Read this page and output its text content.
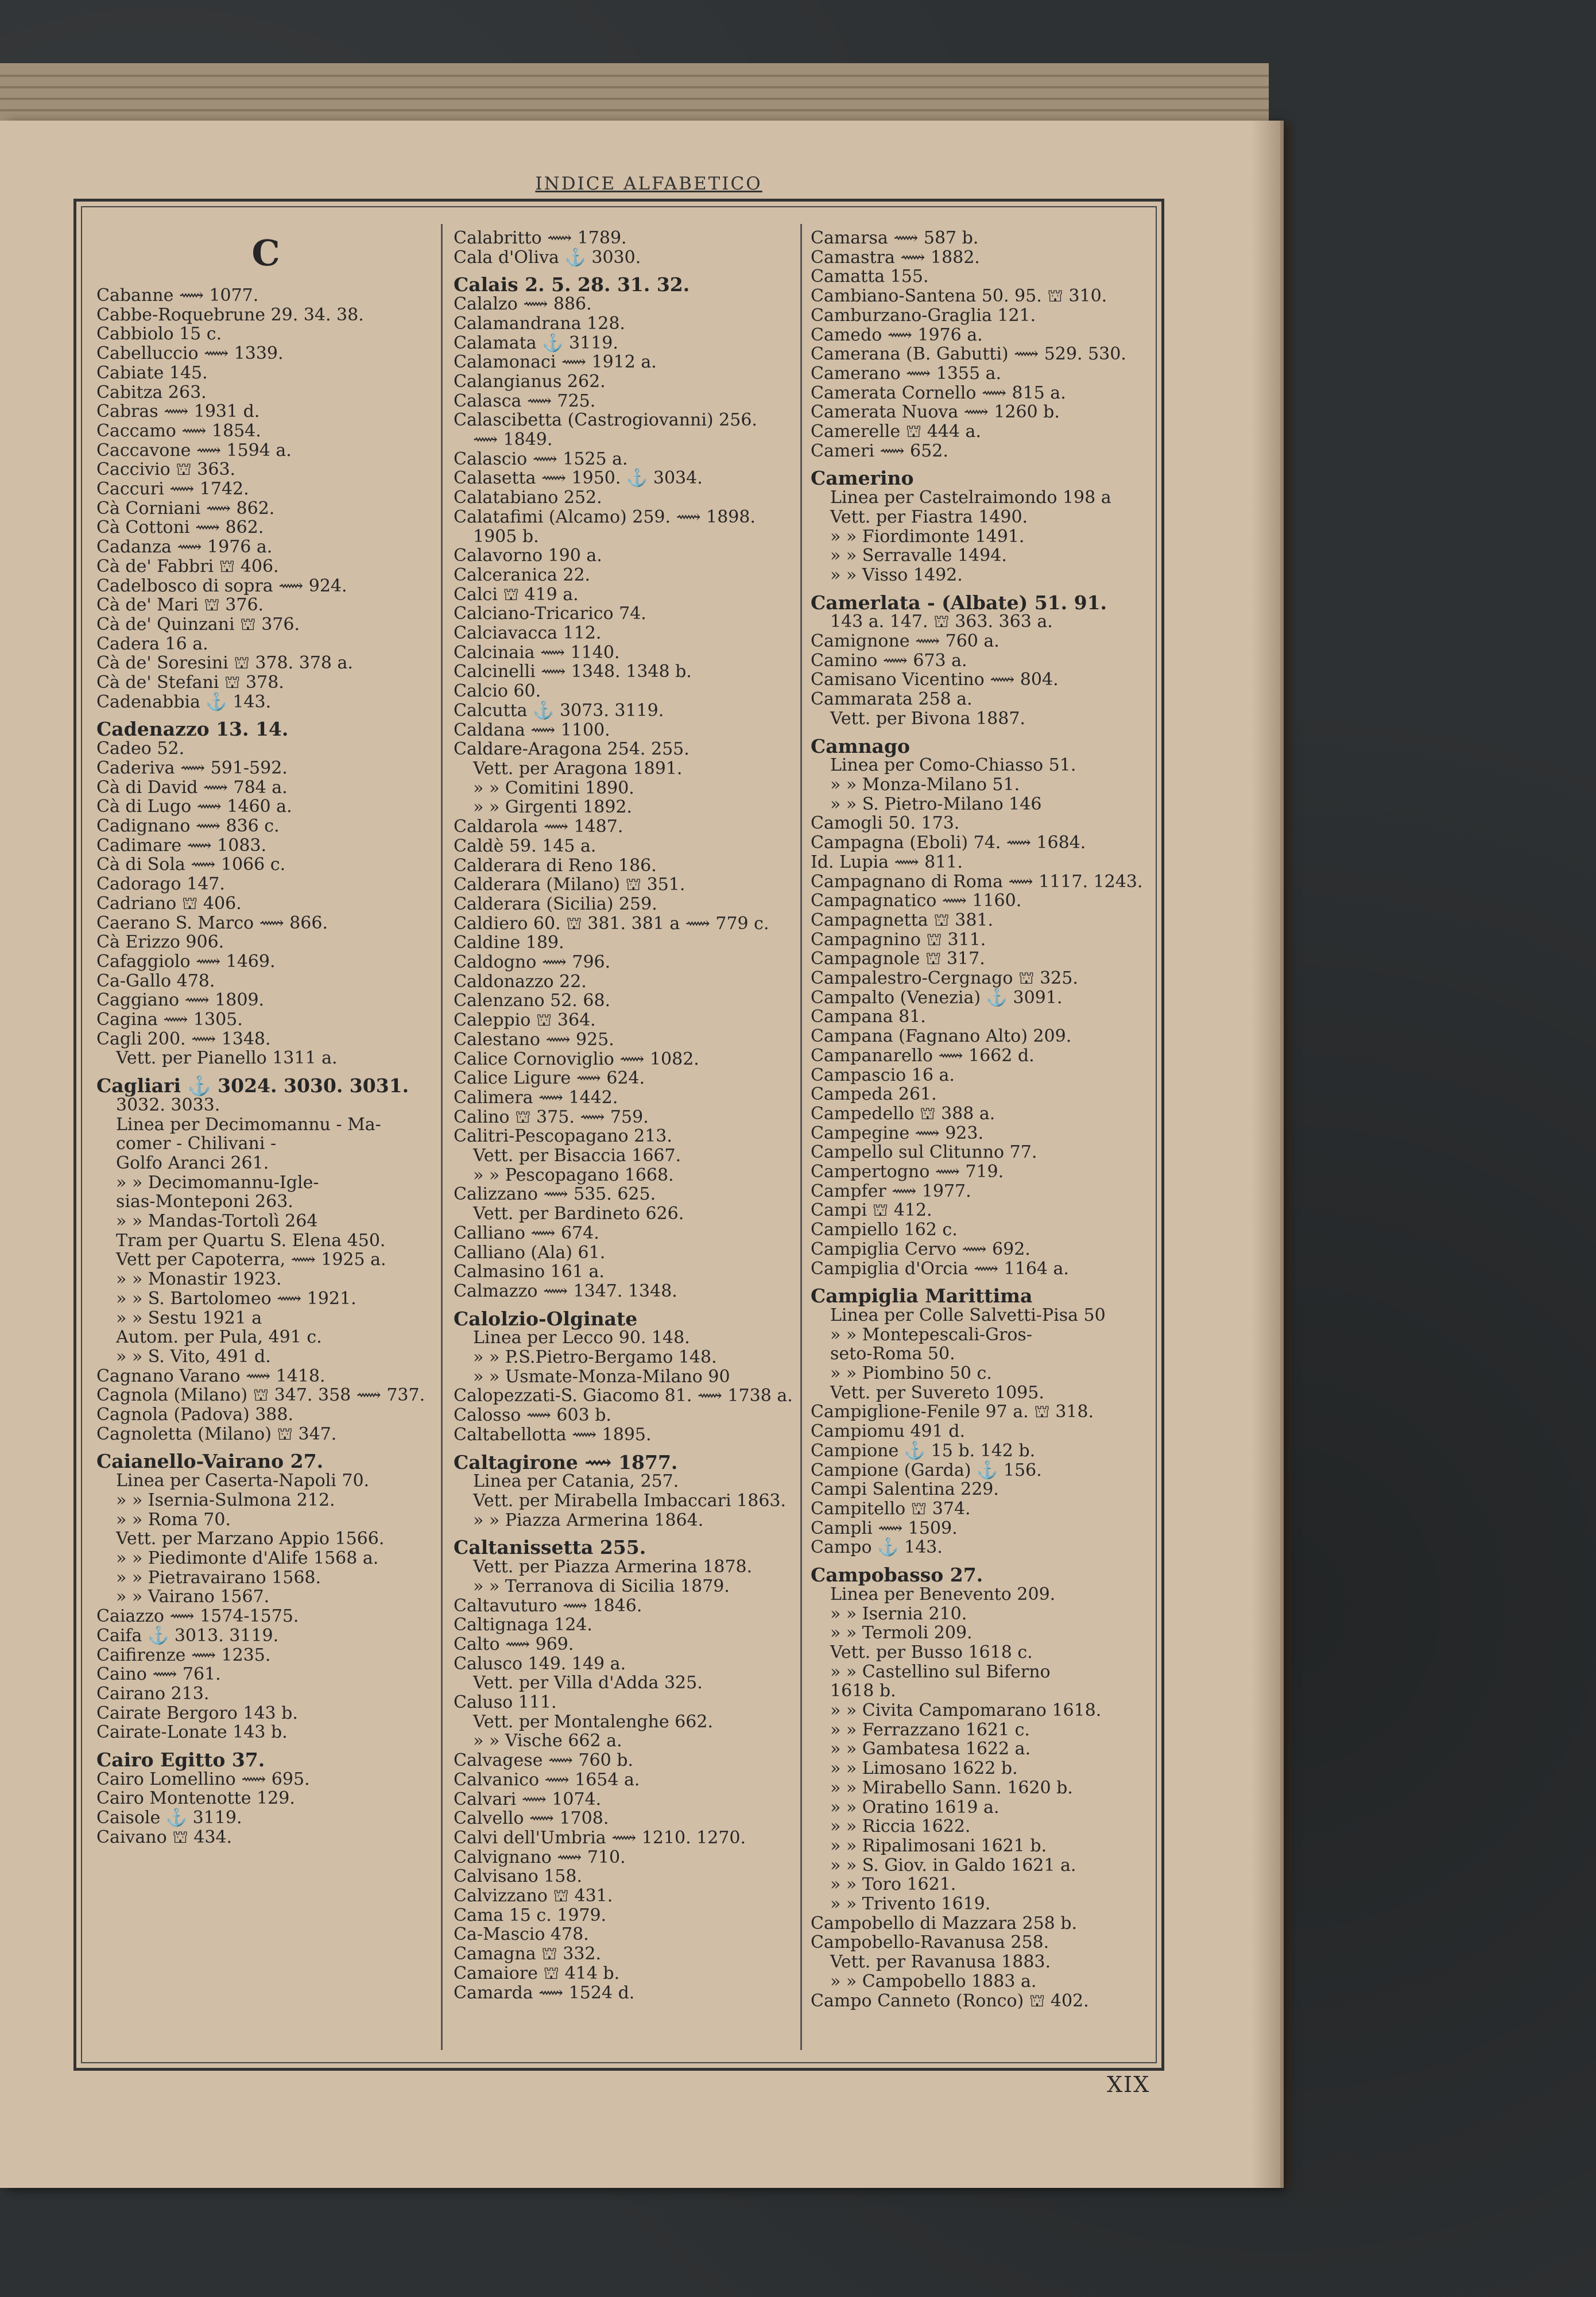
INDICE ALFABETICO
C
Cabanne ⟿ 1077.
Cabbe-Roquebrune 29. 34. 38.
Cabbiolo 15 c.
Cabelluccio ⟿ 1339.
Cabiate 145.
Cabitza 263.
Cabras ⟿ 1931 d.
Caccamo ⟿ 1854.
Caccavone ⟿ 1594 a.
Caccivio ⛫ 363.
Caccuri ⟿ 1742.
Cà Corniani ⟿ 862.
Cà Cottoni ⟿ 862.
Cadanza ⟿ 1976 a.
Cà de' Fabbri ⛫ 406.
Cadelbosco di sopra ⟿ 924.
Cà de' Mari ⛫ 376.
Cà de' Quinzani ⛫ 376.
Cadera 16 a.
Cà de' Soresini ⛫ 378. 378 a.
Cà de' Stefani ⛫ 378.
Cadenabbia ⚓ 143.
Cadenazzo 13. 14.
Cadeo 52.
Caderiva ⟿ 591-592.
Cà di David ⟿ 784 a.
Cà di Lugo ⟿ 1460 a.
Cadignano ⟿ 836 c.
Cadimare ⟿ 1083.
Cà di Sola ⟿ 1066 c.
Cadorago 147.
Cadriano ⛫ 406.
Caerano S. Marco ⟿ 866.
Cà Erizzo 906.
Cafaggiolo ⟿ 1469.
Ca-Gallo 478.
Caggiano ⟿ 1809.
Cagina ⟿ 1305.
Cagli 200. ⟿ 1348.
Vett. per Pianello 1311 a.
Cagliari ⚓ 3024. 3030. 3031.
3032. 3033.
Linea per Decimomannu - Ma-
comer - Chilivani -
Golfo Aranci 261.
» » Decimomannu-Igle-
sias-Monteponi 263.
» » Mandas-Tortolì 264
Tram per Quartu S. Elena 450.
Vett per Capoterra, ⟿ 1925 a.
» » Monastir 1923.
» » S. Bartolomeo ⟿ 1921.
» » Sestu 1921 a
Autom. per Pula, 491 c.
» » S. Vito, 491 d.
Cagnano Varano ⟿ 1418.
Cagnola (Milano) ⛫ 347. 358 ⟿ 737.
Cagnola (Padova) 388.
Cagnoletta (Milano) ⛫ 347.
Caianello-Vairano 27.
Linea per Caserta-Napoli 70.
» » Isernia-Sulmona 212.
» » Roma 70.
Vett. per Marzano Appio 1566.
» » Piedimonte d'Alife 1568 a.
» » Pietravairano 1568.
» » Vairano 1567.
Caiazzo ⟿ 1574-1575.
Caifa ⚓ 3013. 3119.
Caifirenze ⟿ 1235.
Caino ⟿ 761.
Cairano 213.
Cairate Bergoro 143 b.
Cairate-Lonate 143 b.
Cairo Egitto 37.
Cairo Lomellino ⟿ 695.
Cairo Montenotte 129.
Caisole ⚓ 3119.
Caivano ⛫ 434.
Calabritto ⟿ 1789.
Cala d'Oliva ⚓ 3030.
Calais 2. 5. 28. 31. 32.
Calalzo ⟿ 886.
Calamandrana 128.
Calamata ⚓ 3119.
Calamonaci ⟿ 1912 a.
Calangianus 262.
Calasca ⟿ 725.
Calascibetta (Castrogiovanni) 256.
⟿ 1849.
Calascio ⟿ 1525 a.
Calasetta ⟿ 1950. ⚓ 3034.
Calatabiano 252.
Calatafimi (Alcamo) 259. ⟿ 1898.
1905 b.
Calavorno 190 a.
Calceranica 22.
Calci ⛫ 419 a.
Calciano-Tricarico 74.
Calciavacca 112.
Calcinaia ⟿ 1140.
Calcinelli ⟿ 1348. 1348 b.
Calcio 60.
Calcutta ⚓ 3073. 3119.
Caldana ⟿ 1100.
Caldare-Aragona 254. 255.
Vett. per Aragona 1891.
» » Comitini 1890.
» » Girgenti 1892.
Caldarola ⟿ 1487.
Caldè 59. 145 a.
Calderara di Reno 186.
Calderara (Milano) ⛫ 351.
Calderara (Sicilia) 259.
Caldiero 60. ⛫ 381. 381 a ⟿ 779 c.
Caldine 189.
Caldogno ⟿ 796.
Caldonazzo 22.
Calenzano 52. 68.
Caleppio ⛫ 364.
Calestano ⟿ 925.
Calice Cornoviglio ⟿ 1082.
Calice Ligure ⟿ 624.
Calimera ⟿ 1442.
Calino ⛫ 375. ⟿ 759.
Calitri-Pescopagano 213.
Vett. per Bisaccia 1667.
» » Pescopagano 1668.
Calizzano ⟿ 535. 625.
Vett. per Bardineto 626.
Calliano ⟿ 674.
Calliano (Ala) 61.
Calmasino 161 a.
Calmazzo ⟿ 1347. 1348.
Calolzio-Olginate
Linea per Lecco 90. 148.
» » P.S.Pietro-Bergamo 148.
» » Usmate-Monza-Milano 90
Calopezzati-S. Giacomo 81. ⟿ 1738 a.
Calosso ⟿ 603 b.
Caltabellotta ⟿ 1895.
Caltagirone ⟿ 1877.
Linea per Catania, 257.
Vett. per Mirabella Imbaccari 1863.
» » Piazza Armerina 1864.
Caltanissetta 255.
Vett. per Piazza Armerina 1878.
» » Terranova di Sicilia 1879.
Caltavuturo ⟿ 1846.
Caltignaga 124.
Calto ⟿ 969.
Calusco 149. 149 a.
Vett. per Villa d'Adda 325.
Caluso 111.
Vett. per Montalenghe 662.
» » Vische 662 a.
Calvagese ⟿ 760 b.
Calvanico ⟿ 1654 a.
Calvari ⟿ 1074.
Calvello ⟿ 1708.
Calvi dell'Umbria ⟿ 1210. 1270.
Calvignano ⟿ 710.
Calvisano 158.
Calvizzano ⛫ 431.
Cama 15 c. 1979.
Ca-Mascio 478.
Camagna ⛫ 332.
Camaiore ⛫ 414 b.
Camarda ⟿ 1524 d.
Camarsa ⟿ 587 b.
Camastra ⟿ 1882.
Camatta 155.
Cambiano-Santena 50. 95. ⛫ 310.
Camburzano-Graglia 121.
Camedo ⟿ 1976 a.
Camerana (B. Gabutti) ⟿ 529. 530.
Camerano ⟿ 1355 a.
Camerata Cornello ⟿ 815 a.
Camerata Nuova ⟿ 1260 b.
Camerelle ⛫ 444 a.
Cameri ⟿ 652.
Camerino
Linea per Castelraimondo 198 a
Vett. per Fiastra 1490.
» » Fiordimonte 1491.
» » Serravalle 1494.
» » Visso 1492.
Camerlata - (Albate) 51. 91.
143 a. 147. ⛫ 363. 363 a.
Camignone ⟿ 760 a.
Camino ⟿ 673 a.
Camisano Vicentino ⟿ 804.
Cammarata 258 a.
Vett. per Bivona 1887.
Camnago
Linea per Como-Chiasso 51.
» » Monza-Milano 51.
» » S. Pietro-Milano 146
Camogli 50. 173.
Campagna (Eboli) 74. ⟿ 1684.
Id. Lupia ⟿ 811.
Campagnano di Roma ⟿ 1117. 1243.
Campagnatico ⟿ 1160.
Campagnetta ⛫ 381.
Campagnino ⛫ 311.
Campagnole ⛫ 317.
Campalestro-Cergnago ⛫ 325.
Campalto (Venezia) ⚓ 3091.
Campana 81.
Campana (Fagnano Alto) 209.
Campanarello ⟿ 1662 d.
Campascio 16 a.
Campeda 261.
Campedello ⛫ 388 a.
Campegine ⟿ 923.
Campello sul Clitunno 77.
Campertogno ⟿ 719.
Campfer ⟿ 1977.
Campi ⛫ 412.
Campiello 162 c.
Campiglia Cervo ⟿ 692.
Campiglia d'Orcia ⟿ 1164 a.
Campiglia Marittima
Linea per Colle Salvetti-Pisa 50
» » Montepescali-Gros-
seto-Roma 50.
» » Piombino 50 c.
Vett. per Suvereto 1095.
Campiglione-Fenile 97 a. ⛫ 318.
Campiomu 491 d.
Campione ⚓ 15 b. 142 b.
Campione (Garda) ⚓ 156.
Campi Salentina 229.
Campitello ⛫ 374.
Campli ⟿ 1509.
Campo ⚓ 143.
Campobasso 27.
Linea per Benevento 209.
» » Isernia 210.
» » Termoli 209.
Vett. per Busso 1618 c.
» » Castellino sul Biferno
1618 b.
» » Civita Campomarano 1618.
» » Ferrazzano 1621 c.
» » Gambatesa 1622 a.
» » Limosano 1622 b.
» » Mirabello Sann. 1620 b.
» » Oratino 1619 a.
» » Riccia 1622.
» » Ripalimosani 1621 b.
» » S. Giov. in Galdo 1621 a.
» » Toro 1621.
» » Trivento 1619.
Campobello di Mazzara 258 b.
Campobello-Ravanusa 258.
Vett. per Ravanusa 1883.
» » Campobello 1883 a.
Campo Canneto (Ronco) ⛫ 402.
XIX
